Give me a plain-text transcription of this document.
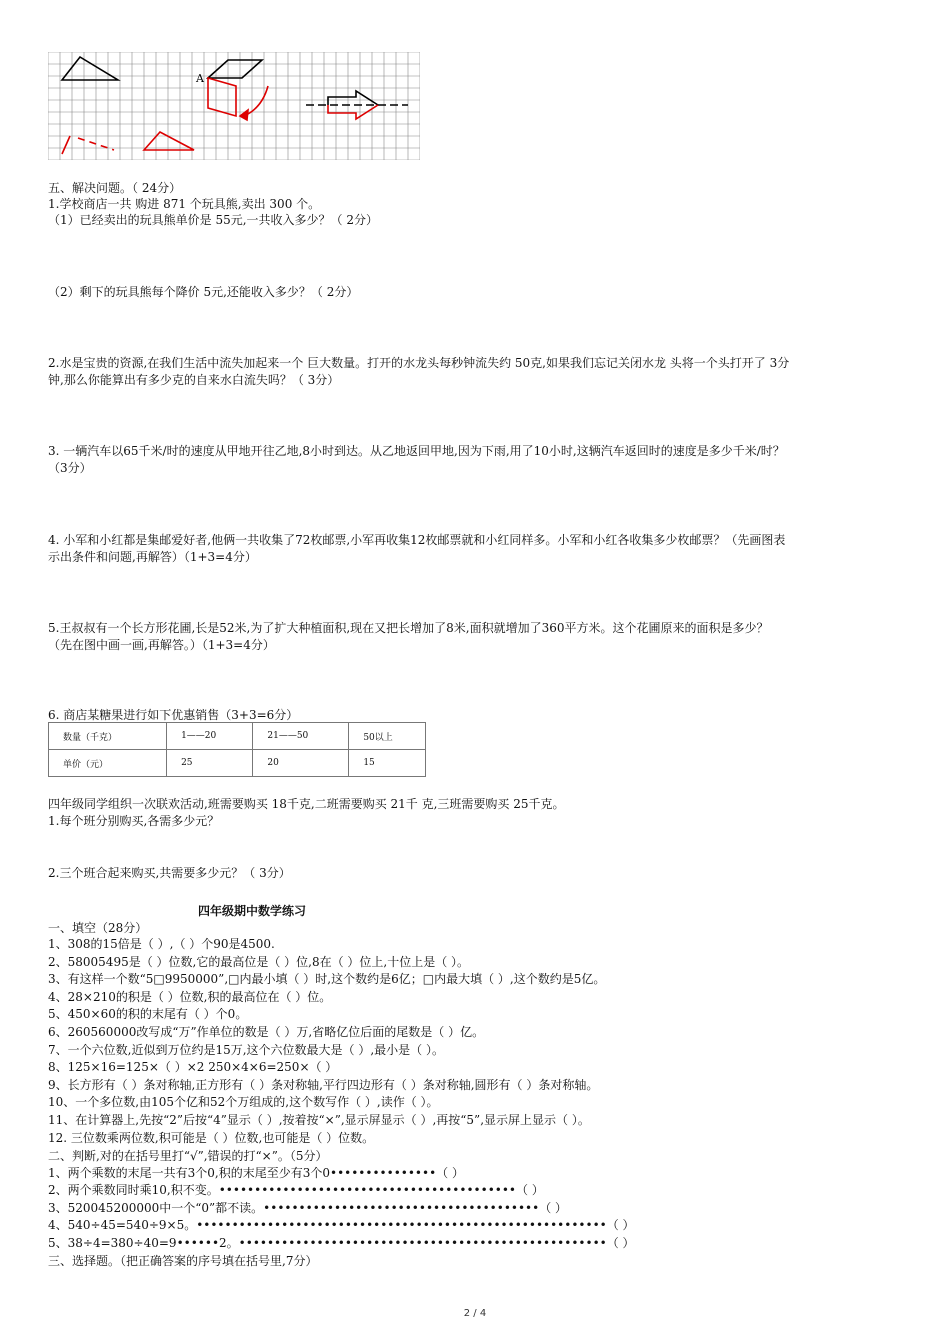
A
五、解决问题。（ 24分）
1.学校商店一共 购进 871 个玩具熊,卖出 300 个。
（1）已经卖出的玩具熊单价是 55元,一共收入多少？（ 2分）
（2）剩下的玩具熊每个降价 5元,还能收入多少？（ 2分）
2.水是宝贵的资源,在我们生活中流失加起来一个 巨大数量。打开的水龙头每秒钟流失约 50克,如果我们忘记关闭水龙 头将一个头打开了 3分
钟,那么你能算出有多少克的自来水白流失吗？（ 3分）
3. 一辆汽车以65千米/时的速度从甲地开往乙地,8小时到达。从乙地返回甲地,因为下雨,用了10小时,这辆汽车返回时的速度是多少千米/时？
（3分）
4. 小军和小红都是集邮爱好者,他俩一共收集了72枚邮票,小军再收集12枚邮票就和小红同样多。小军和小红各收集多少枚邮票？（先画图表
示出条件和问题,再解答）（1+3=4分）
5.王叔叔有一个长方形花圃,长是52米,为了扩大种植面积,现在又把长增加了8米,面积就增加了360平方米。这个花圃原来的面积是多少？
（先在图中画一画,再解答。）（1+3=4分）
6. 商店某糖果进行如下优惠销售（3+3=6分）
数量（千克）	1——20	21——50	50以上
单价（元）	25	20	15
四年级同学组织一次联欢活动,班需要购买 18千克,二班需要购买 21千 克,三班需要购买 25千克。
1.每个班分别购买,各需多少元？
2.三个班合起来购买,共需要多少元？（ 3分）
四年级期中数学练习
一、填空（28分）
1、308的15倍是（ ）,（ ）个90是4500.
2、58005495是（ ）位数,它的最高位是（ ）位,8在（ ）位上,十位上是（ ）。
3、有这样一个数“5□9950000”,□内最小填（ ）时,这个数约是6亿；□内最大填（ ）,这个数约是5亿。
4、28×210的积是（ ）位数,积的最高位在（ ）位。
5、450×60的积的末尾有（ ）个0。
6、260560000改写成“万”作单位的数是（ ）万,省略亿位后面的尾数是（ ）亿。
7、一个六位数,近似到万位约是15万,这个六位数最大是（ ）,最小是（ ）。
8、125×16=125×（ ）×2 250×4×6=250×（ ）
9、长方形有（ ）条对称轴,正方形有（ ）条对称轴,平行四边形有（ ）条对称轴,圆形有（ ）条对称轴。
10、一个多位数,由105个亿和52个万组成的,这个数写作（ ）,读作（ ）。
11、在计算器上,先按“2”后按“4”显示（ ）,按着按“×”,显示屏显示（ ）,再按“5”,显示屏上显示（ ）。
12. 三位数乘两位数,积可能是（ ）位数,也可能是（ ）位数。
二、判断,对的在括号里打“√”,错误的打“×”。（5分）
1、两个乘数的末尾一共有3个0,积的末尾至少有3个0•••••••••••••••（ ）
2、两个乘数同时乘10,积不变。••••••••••••••••••••••••••••••••••••••••••（ ）
3、520045200000中一个“0”都不读。•••••••••••••••••••••••••••••••••••••••（ ）
4、540÷45=540÷9×5。••••••••••••••••••••••••••••••••••••••••••••••••••••••••••（ ）
5、38÷4=380÷40=9••••••2。••••••••••••••••••••••••••••••••••••••••••••••••••••（ ）
三、选择题。（把正确答案的序号填在括号里,7分）
2 / 4
